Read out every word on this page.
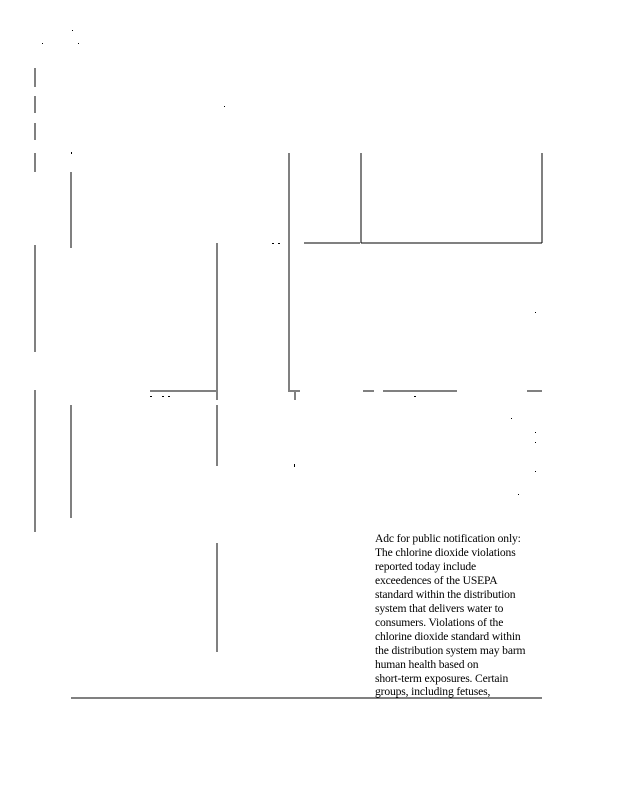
Adc for public notification only:
The chlorine dioxide violations
reported today include
exceedences of the USEPA
standard within the distribution
system that delivers water to
consumers. Violations of the
chlorine dioxide standard within
the distribution system may barm
human health based on
short-term exposures. Certain
groups, including fetuses,
